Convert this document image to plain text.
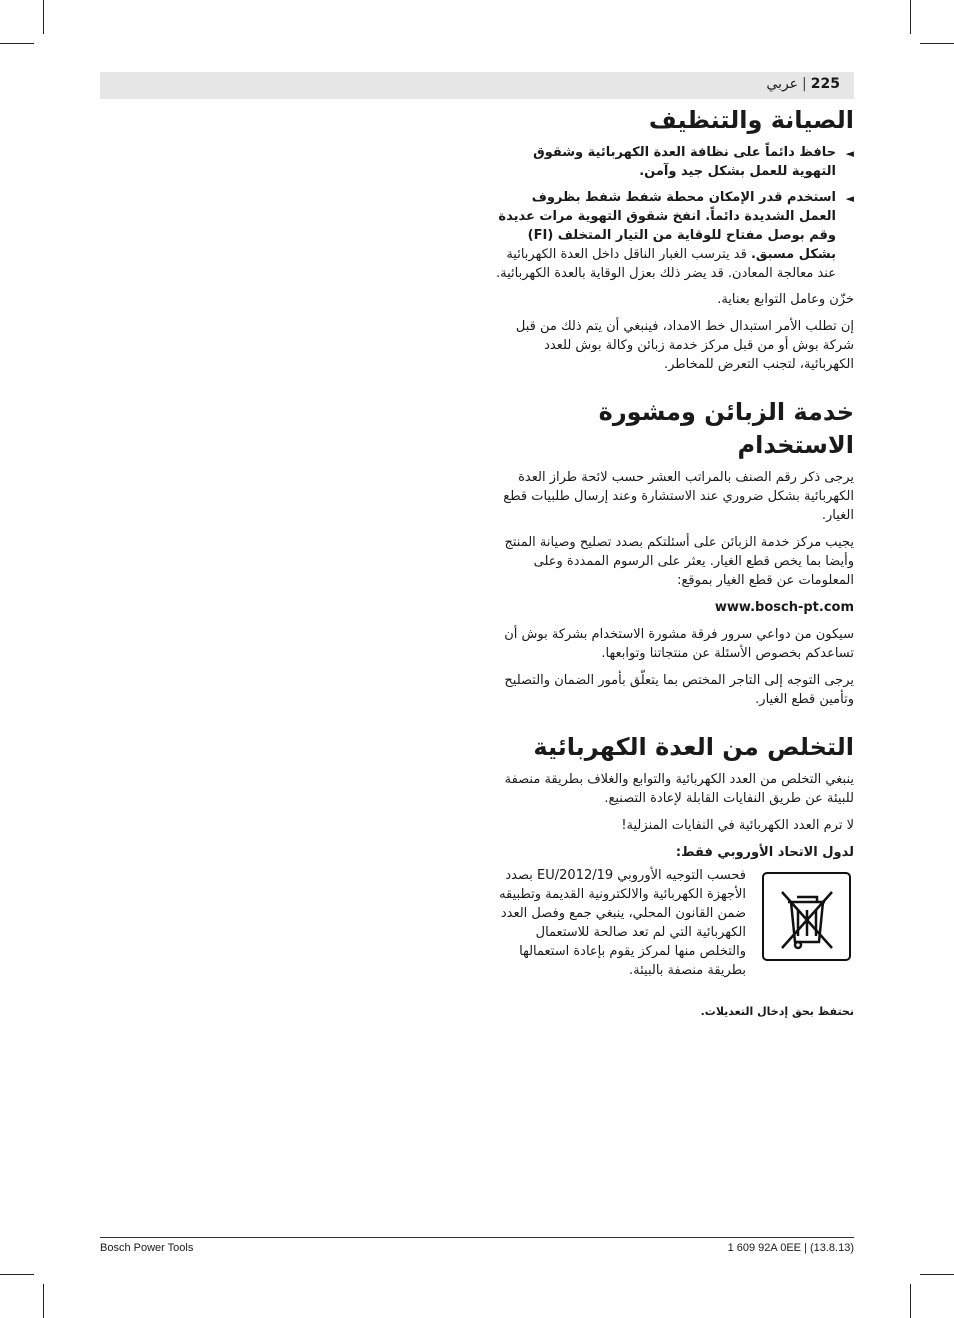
225|عربي
الصيانة والتنظيف
◄
حافظ دائماً على نظافة العدة الكهربائية وشقوق التهوية للعمل بشكل جيد وآمن.
◄
استخدم قدر الإمكان محطة شفط شفط بظروف العمل الشديدة دائماً. انفخ شقوق التهوية مرات عديدة وقم بوصل مفتاح للوقاية من التيار المتخلف (FI) بشكل مسبق. قد يترسب الغبار الناقل داخل العدة الكهربائية عند معالجة المعادن. قد يضر ذلك بعزل الوقاية بالعدة الكهربائية.

خزّن وعامل التوابع بعناية.

إن تطلب الأمر استبدال خط الامداد، فينبغي أن يتم ذلك من قبل شركة بوش أو من قبل مركز خدمة زبائن وكالة بوش للعدد الكهربائية، لتجنب التعرض للمخاطر.

خدمة الزبائن ومشورة
الاستخدام

يرجى ذكر رقم الصنف بالمراتب العشر حسب لائحة طراز العدة الكهربائية بشكل ضروري عند الاستشارة وعند إرسال طلبيات قطع الغيار.

يجيب مركز خدمة الزبائن على أسئلتكم بصدد تصليح وصيانة المنتج وأيضا بما يخص قطع الغيار. يعثر على الرسوم الممددة وعلى المعلومات عن قطع الغيار بموقع:

www.bosch-pt.com

سيكون من دواعي سرور فرقة مشورة الاستخدام بشركة بوش أن تساعدكم بخصوص الأسئلة عن منتجاتنا وتوابعها.

يرجى التوجه إلى التاجر المختص بما يتعلّق بأمور الضمان والتصليح وتأمين قطع الغيار.

التخلص من العدة الكهربائية

ينبغي التخلص من العدد الكهربائية والتوابع والغلاف بطريقة منصفة للبيئة عن طريق النفايات القابلة لإعادة التصنيع.

لا ترم العدد الكهربائية في النفايات المنزلية!

لدول الاتحاد الأوروبي فقط:

فحسب التوجيه الأوروبي 2012/19/EU بصدد الأجهزة الكهربائية والالكترونية القديمة وتطبيقه ضمن القانون المحلي، ينبغي جمع وفصل العدد الكهربائية التي لم تعد صالحة للاستعمال والتخلص منها لمركز يقوم بإعادة استعمالها بطريقة منصفة بالبيئة.

نحتفظ بحق إدخال التعديلات.

Bosch Power Tools	1 609 92A 0EE | (13.8.13)
